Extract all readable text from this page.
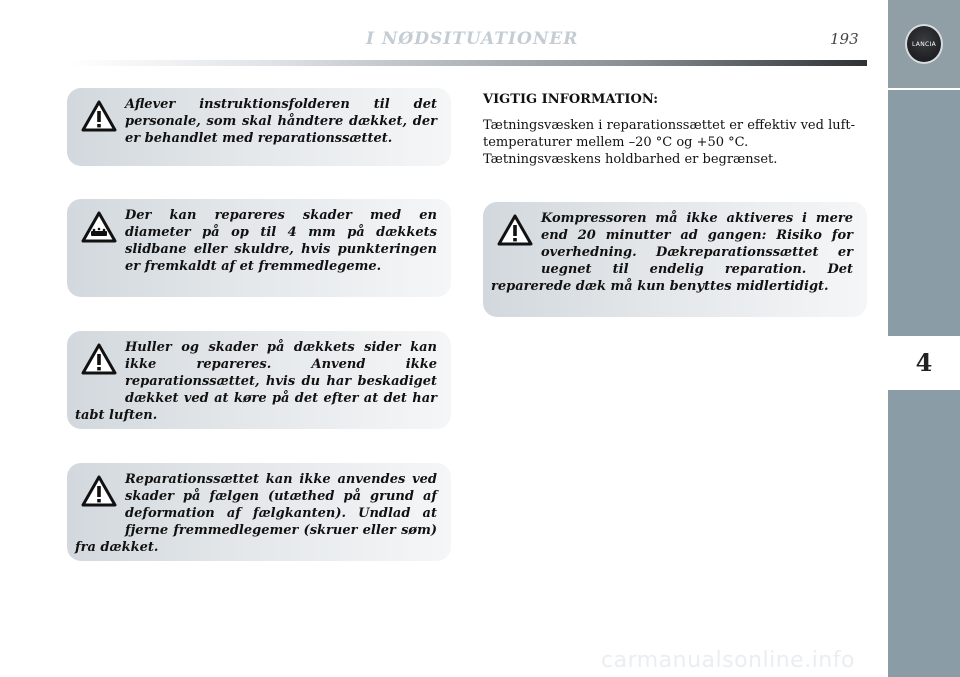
I NØDSITUATIONER	193	LANCIA
4
Aflever instruktionsfolderen til det personale, som skal håndtere dækket, der er behandlet med reparationssættet.
Der kan repareres skader med en diameter på op til 4 mm på dækkets slidbane eller skuldre, hvis punkteringen er fremkaldt af et fremmedlegeme.
Huller og skader på dækkets sider kan ikke repareres. Anvend ikke reparationssættet, hvis du har beskadiget dækket ved at køre på det efter at det har tabt luften.
Reparationssættet kan ikke anvendes ved skader på fælgen (utæthed på grund af deformation af fælgkanten). Undlad at fjerne fremmedlegemer (skruer eller søm) fra dækket.
VIGTIG INFORMATION:
Tætningsvæsken i reparationssættet er effektiv ved lufttemperaturer mellem –20 °C og +50 °C.
Tætningsvæskens holdbarhed er begrænset.
Kompressoren må ikke aktiveres i mere end 20 minutter ad gangen: Risiko for overhedning. Dækreparationssættet er uegnet til endelig reparation. Det reparerede dæk må kun benyttes midlertidigt.
carmanualsonline.info
